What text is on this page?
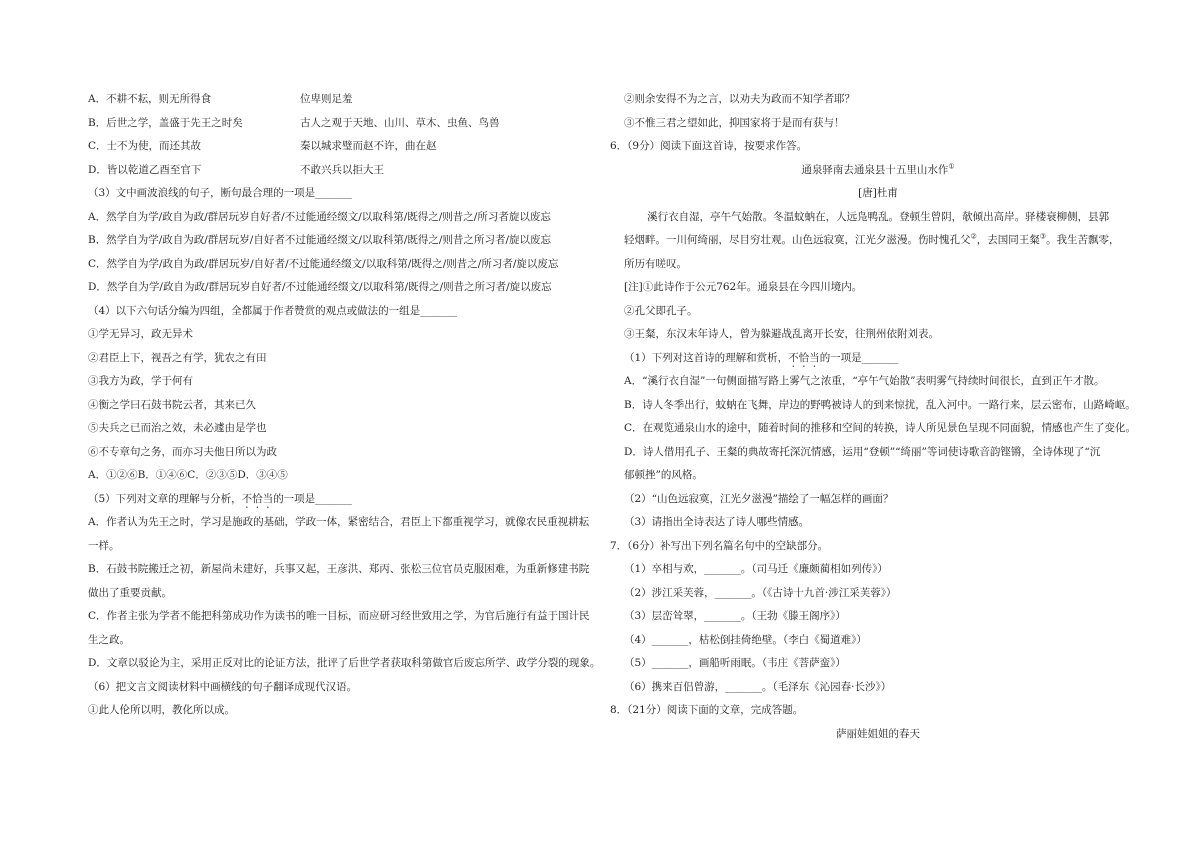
A．不耕不耘，则无所得食	位卑则足羞
B．后世之学，盖盛于先王之时矣	古人之观于天地、山川、草木、虫鱼、鸟兽
C．士不为使，而还其故	秦以城求璧而赵不许，曲在赵
D．皆以乾道乙酉至官下	不敢兴兵以拒大王
（3）文中画波浪线的句子，断句最合理的一项是_______
A．然学自为学/政自为政/群居玩岁自好者/不过能通经缀文/以取科第/既得之/则昔之/所习者旋以废忘
B．然学自为学/政自为政/群居玩岁/自好者不过能通经缀文/以取科第/既得之/则昔之所习者/旋以废忘
C．然学自为学/政自为政/群居玩岁/自好者/不过能通经缀文/以取科第/既得之/则昔之/所习者/旋以废忘
D．然学自为学/政自为政/群居玩岁自好者/不过能通经缀文/以取科第/既得之/则昔之所习者/旋以废忘
（4）以下六句话分编为四组，全都属于作者赞赏的观点或做法的一组是_______
①学无异习，政无异术
②君臣上下，视吾之有学，犹农之有田
③我方为政，学于何有
④衡之学曰石鼓书院云者，其来已久
⑤夫兵之已而治之效，未必遽由是学也
⑥不专章句之务，而亦习夫他日所以为政
A．①②⑥B．①④⑥C．②③⑤D．③④⑤
（5）下列对文章的理解与分析，不恰当的一项是_______
A．作者认为先王之时，学习是施政的基础，学政一体，紧密结合，君臣上下都重视学习，就像农民重视耕耘
一样。
B．石鼓书院搬迁之初，新屋尚未建好，兵事又起，王彦洪、郑丙、张松三位官员克服困难，为重新修建书院
做出了重要贡献。
C．作者主张为学者不能把科第成功作为读书的唯一目标，而应研习经世致用之学，为官后施行有益于国计民
生之政。
D．文章以驳论为主，采用正反对比的论证方法，批评了后世学者获取科第做官后废忘所学、政学分裂的现象。
（6）把文言文阅读材料中画横线的句子翻译成现代汉语。
①此人伦所以明，教化所以成。
②则余安得不为之言，以劝夫为政而不知学者耶？
③不惟三君之望如此，抑国家将于是而有获与！
6．（9分）阅读下面这首诗，按要求作答。
通泉驿南去通泉县十五里山水作①
[唐]杜甫
溪行衣自湿，亭午气始散。冬温蚊蚋在，人远凫鸭乱。登顿生曾阴，欹倾出高岸。驿楼衰柳侧，县郭
轻烟畔。一川何绮丽，尽目穷壮观。山色远寂寞，江光夕滋漫。伤时愧孔父②，去国同王粲③。我生苦飘零，
所历有嗟叹。
[注]①此诗作于公元762年。通泉县在今四川境内。
②孔父即孔子。
③王粲，东汉末年诗人，曾为躲避战乱离开长安，往荆州依附刘表。
（1）下列对这首诗的理解和赏析，不恰当的一项是_______
A．“溪行衣自湿”一句侧面描写路上雾气之浓重，“亭午气始散”表明雾气持续时间很长，直到正午才散。
B．诗人冬季出行，蚊蚋在飞舞，岸边的野鸭被诗人的到来惊扰，乱入河中。一路行来，层云密布，山路崎岖。
C．在观览通泉山水的途中，随着时间的推移和空间的转换，诗人所见景色呈现不同面貌，情感也产生了变化。
D．诗人借用孔子、王粲的典故寄托深沉情感，运用“登顿”“绮丽”等词使诗歌音韵铿锵，全诗体现了“沉
郁顿挫”的风格。
（2）“山色远寂寞，江光夕滋漫”描绘了一幅怎样的画面？
（3）请指出全诗表达了诗人哪些情感。
7．（6分）补写出下列名篇名句中的空缺部分。
（1）卒相与欢，_______。（司马迁《廉颇蔺相如列传》）
（2）涉江采芙蓉，_______。（《古诗十九首·涉江采芙蓉》）
（3）层峦耸翠，_______。（王勃《滕王阁序》）
（4）_______，枯松倒挂倚绝壁。（李白《蜀道难》）
（5）_______，画船听雨眠。（韦庄《菩萨蛮》）
（6）携来百侣曾游，_______。（毛泽东《沁园春·长沙》）
8．（21分）阅读下面的文章，完成答题。
萨丽娃姐姐的春天
